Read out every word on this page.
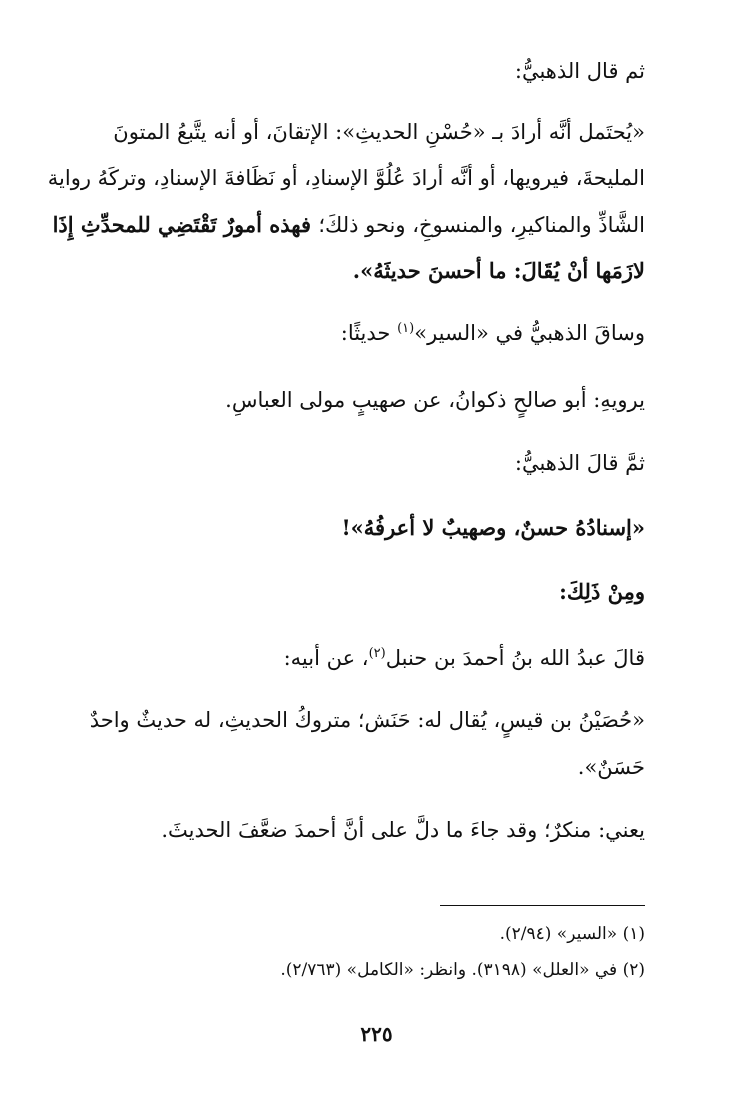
ثم قال الذهبيُّ:

«يُحتَمل أنَّه أرادَ بـ «حُسْنِ الحديثِ»: الإتقانَ، أو أنه يتَّبعُ المتونَ

المليحةَ، فيرويها، أو أنَّه أرادَ عُلُوَّ الإسنادِ، أو نَظَافةَ الإسنادِ، وتركَهُ رواية

الشَّاذِّ والمناكيرِ، والمنسوخِ، ونحو ذلكَ؛ فهذه أمورٌ تَقْتَضِي للمحدِّثِ إِذَا

لازَمَها أنْ يُقَالَ: ما أحسنَ حديثَهُ».

وساقَ الذهبيُّ في «السير»$^{(١)}$ حديثًا:

يرويهِ: أبو صالحٍ ذكوانُ، عن صهيبٍ مولى العباسِ.

ثمَّ قالَ الذهبيُّ:

«إسنادُهُ حسنٌ، وصهيبٌ لا أعرفُهُ»!

ومِنْ ذَلِكَ:

قالَ عبدُ الله بنُ أحمدَ بن حنبل$^{(٢)}$، عن أبيه:

«حُصَيْنُ بن قيسٍ، يُقال له: حَنَش؛ متروكُ الحديثِ، له حديثٌ واحدٌ

حَسَنٌ».

يعني: منكرٌ؛ وقد جاءَ ما دلَّ على أنَّ أحمدَ ضعَّفَ الحديثَ.

(١) «السير» (٢/٩٤).
(٢) في «العلل» (٣١٩٨). وانظر: «الكامل» (٢/٧٦٣).
٢٢٥
